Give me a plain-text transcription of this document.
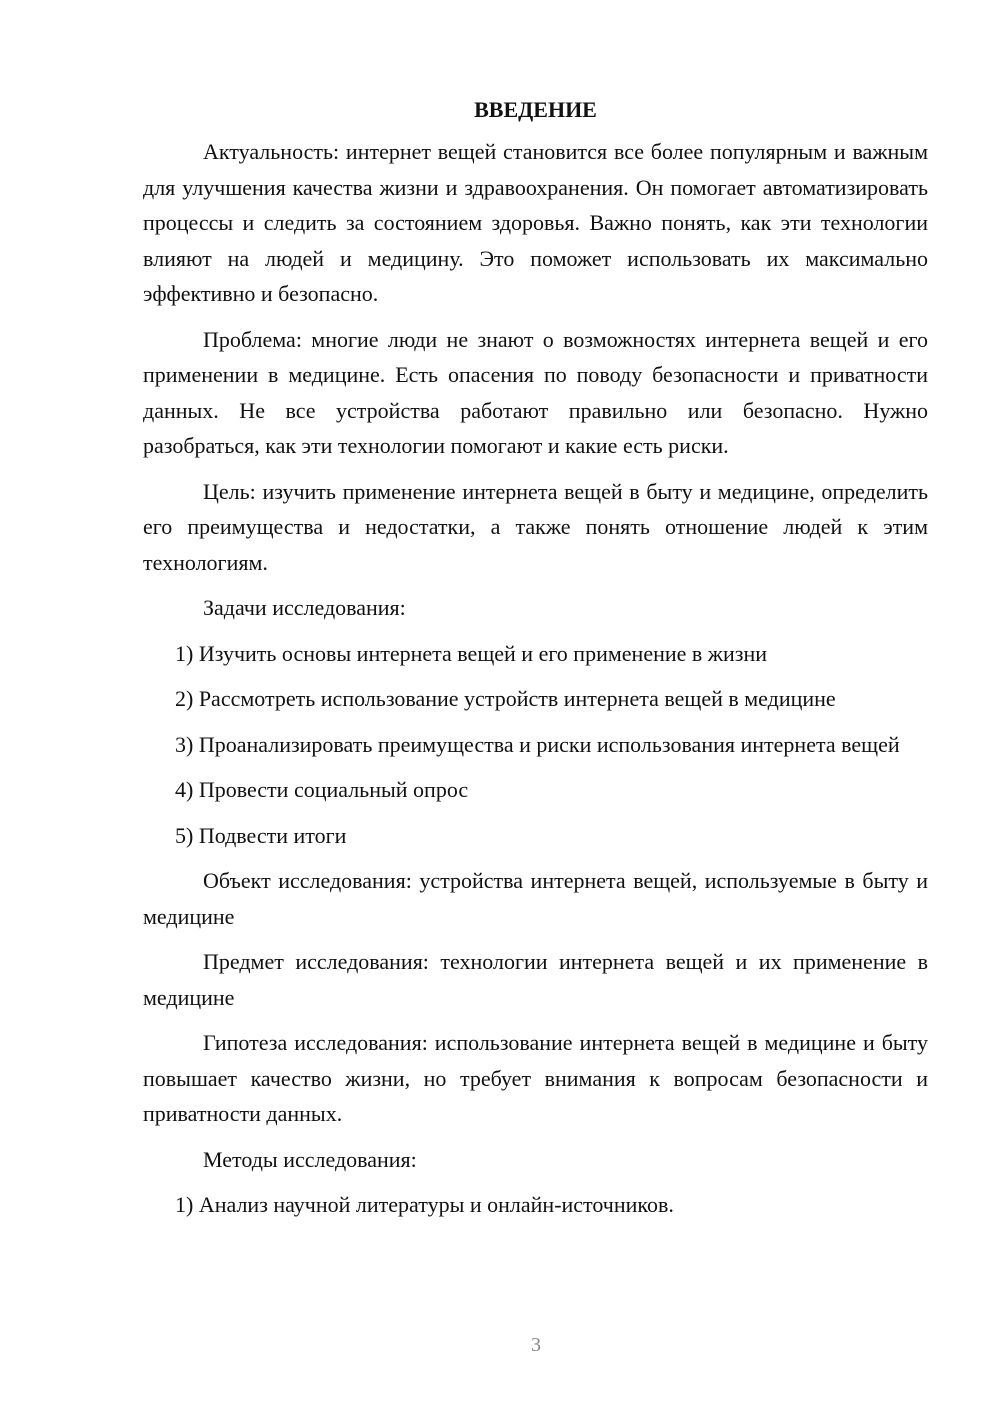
ВВЕДЕНИЕ

Актуальность: интернет вещей становится все более популярным и важным для улучшения качества жизни и здравоохранения. Он помогает автоматизировать процессы и следить за состоянием здоровья. Важно понять, как эти технологии влияют на людей и медицину. Это поможет использовать их максимально эффективно и безопасно.

Проблема: многие люди не знают о возможностях интернета вещей и его применении в медицине. Есть опасения по поводу безопасности и приватности данных. Не все устройства работают правильно или безопасно. Нужно разобраться, как эти технологии помогают и какие есть риски.

Цель: изучить применение интернета вещей в быту и медицине, определить его преимущества и недостатки, а также понять отношение людей к этим технологиям.

Задачи исследования:

1) Изучить основы интернета вещей и его применение в жизни

2) Рассмотреть использование устройств интернета вещей в медицине

3) Проанализировать преимущества и риски использования интернета вещей

4) Провести социальный опрос

5) Подвести итоги

Объект исследования: устройства интернета вещей, используемые в быту и медицине

Предмет исследования: технологии интернета вещей и их применение в медицине

Гипотеза исследования: использование интернета вещей в медицине и быту повышает качество жизни, но требует внимания к вопросам безопасности и приватности данных.

Методы исследования:

1) Анализ научной литературы и онлайн-источников.

3
